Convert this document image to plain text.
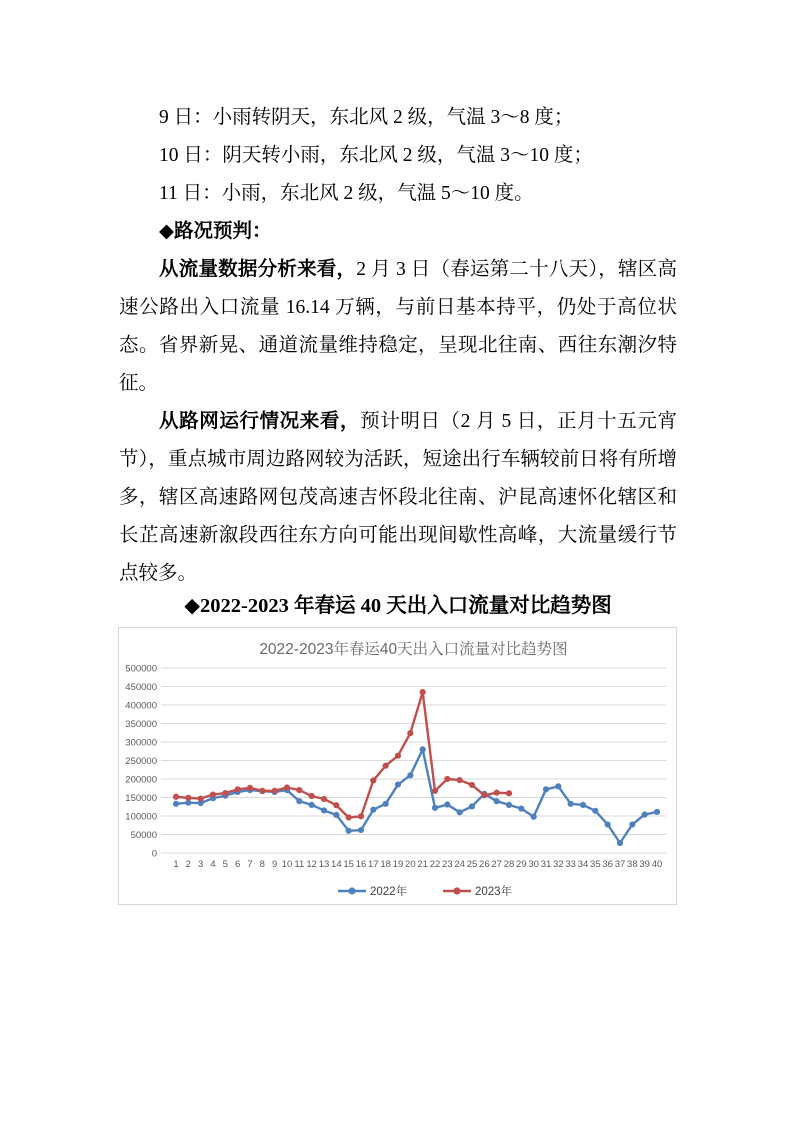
9 日：小雨转阴天，东北风 2 级，气温 3～8 度；

10 日：阴天转小雨，东北风 2 级，气温 3～10 度；

11 日：小雨，东北风 2 级，气温 5～10 度。

◆路况预判：

从流量数据分析来看，2 月 3 日（春运第二十八天），辖区高速公路出入口流量 16.14 万辆，与前日基本持平，仍处于高位状态。省界新晃、通道流量维持稳定，呈现北往南、西往东潮汐特征。

从路网运行情况来看，预计明日（2 月 5 日，正月十五元宵节），重点城市周边路网较为活跃，短途出行车辆较前日将有所增多，辖区高速路网包茂高速吉怀段北往南、沪昆高速怀化辖区和长芷高速新溆段西往东方向可能出现间歇性高峰，大流量缓行节点较多。

◆2022-2023 年春运 40 天出入口流量对比趋势图
2022-2023年春运40天出入口流量对比趋势图
0
50000
100000
150000
200000
250000
300000
350000
400000
450000
500000
1 2 3 4 5 6 7 8 9 10 11 12 13 14 15 16 17 18 19 20 21 22 23 24 25 26 27 28 29 30 31 32 33 34 35 36 37 38 39 40
2022年	2023年
